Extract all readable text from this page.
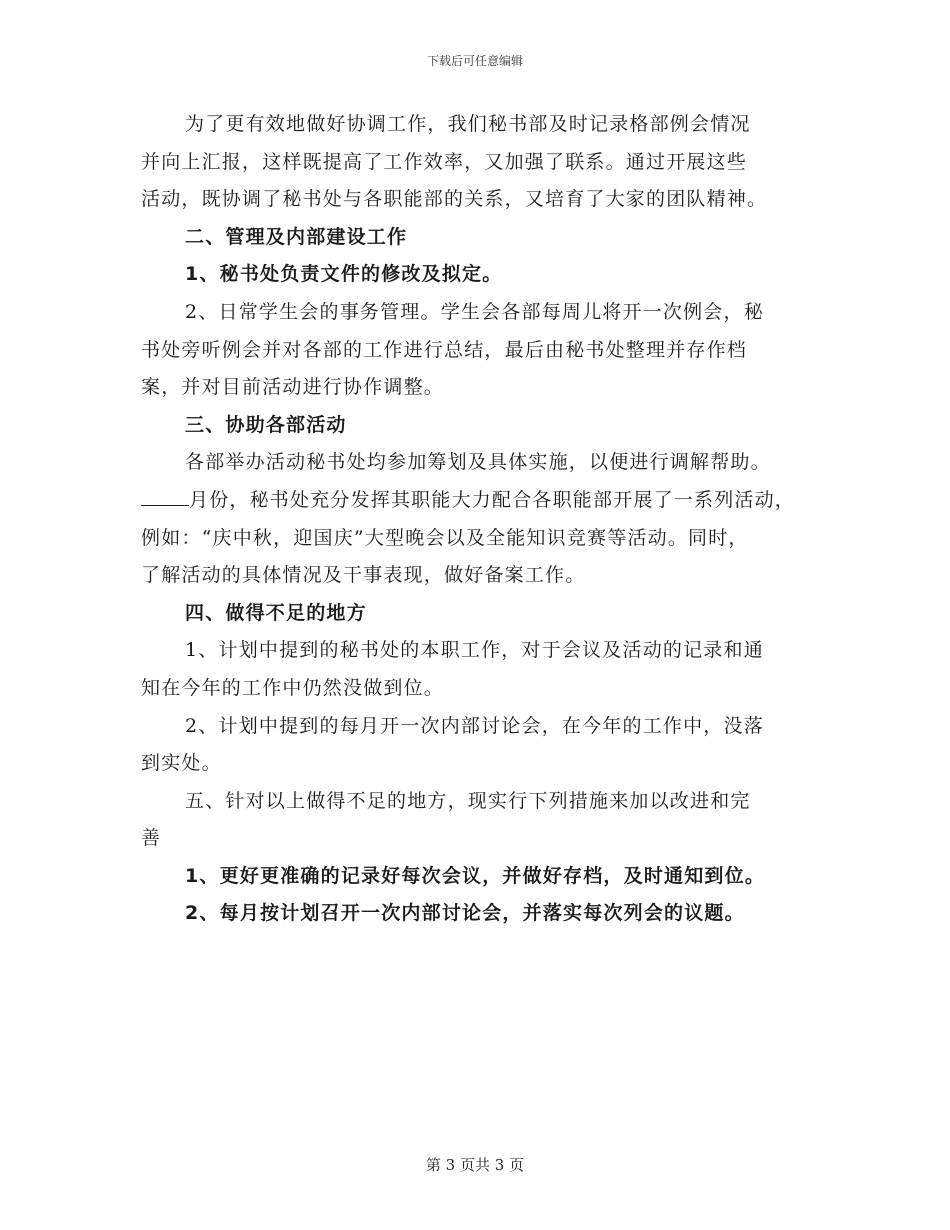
下载后可任意编辑
为了更有效地做好协调工作，我们秘书部及时记录格部例会情况
并向上汇报，这样既提高了工作效率，又加强了联系。通过开展这些
活动，既协调了秘书处与各职能部的关系，又培育了大家的团队精神。
二、管理及内部建设工作
1、秘书处负责文件的修改及拟定。
2、日常学生会的事务管理。学生会各部每周儿将开一次例会，秘
书处旁听例会并对各部的工作进行总结，最后由秘书处整理并存作档
案，并对目前活动进行协作调整。
三、协助各部活动
各部举办活动秘书处均参加筹划及具体实施，以便进行调解帮助。
月份，秘书处充分发挥其职能大力配合各职能部开展了一系列活动，
例如：“庆中秋，迎国庆”大型晚会以及全能知识竞赛等活动。同时，
了解活动的具体情况及干事表现，做好备案工作。
四、做得不足的地方
1、计划中提到的秘书处的本职工作，对于会议及活动的记录和通
知在今年的工作中仍然没做到位。
2、计划中提到的每月开一次内部讨论会，在今年的工作中，没落
到实处。
五、针对以上做得不足的地方，现实行下列措施来加以改进和完
善
1、更好更准确的记录好每次会议，并做好存档，及时通知到位。
2、每月按计划召开一次内部讨论会，并落实每次列会的议题。
第 3 页共 3 页
